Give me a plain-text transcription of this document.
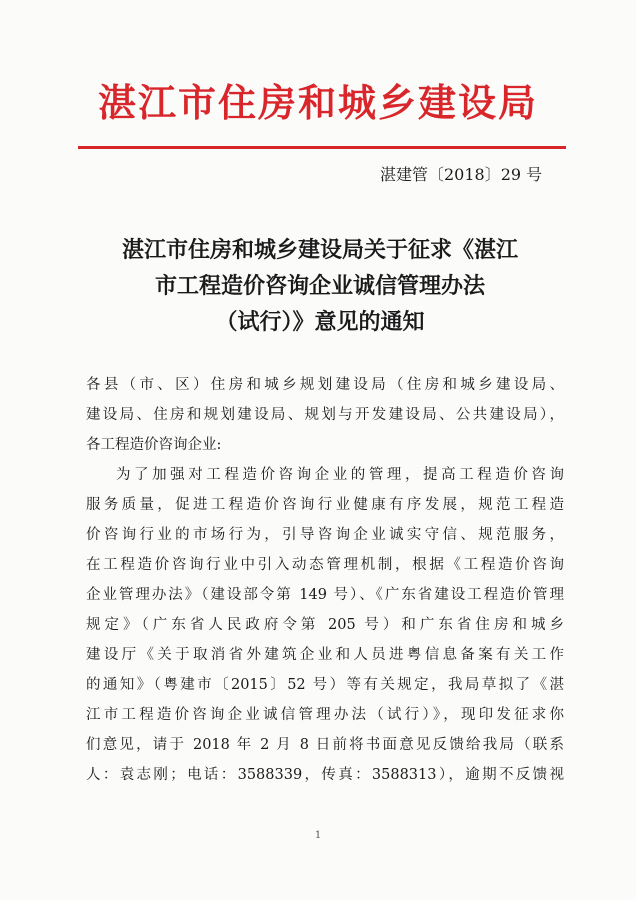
湛江市住房和城乡建设局
湛建管〔2018〕29 号
湛江市住房和城乡建设局关于征求《湛江
市工程造价咨询企业诚信管理办法
（试行）》意见的通知
各县（市、区）住房和城乡规划建设局（住房和城乡建设局、
建设局、住房和规划建设局、规划与开发建设局、公共建设局），
各工程造价咨询企业:
为了加强对工程造价咨询企业的管理，提高工程造价咨询
服务质量，促进工程造价咨询行业健康有序发展，规范工程造
价咨询行业的市场行为，引导咨询企业诚实守信、规范服务，
在工程造价咨询行业中引入动态管理机制，根据《工程造价咨询
企业管理办法》（建设部令第 149 号）、《广东省建设工程造价管理
规定》（广东省人民政府令第 205 号）和广东省住房和城乡
建设厅《关于取消省外建筑企业和人员进粤信息备案有关工作
的通知》（粤建市〔2015〕52 号）等有关规定，我局草拟了《湛
江市工程造价咨询企业诚信管理办法（试行）》，现印发征求你
们意见，请于 2018 年 2 月 8 日前将书面意见反馈给我局（联系
人：袁志刚；电话：3588339，传真：3588313），逾期不反馈视
1
